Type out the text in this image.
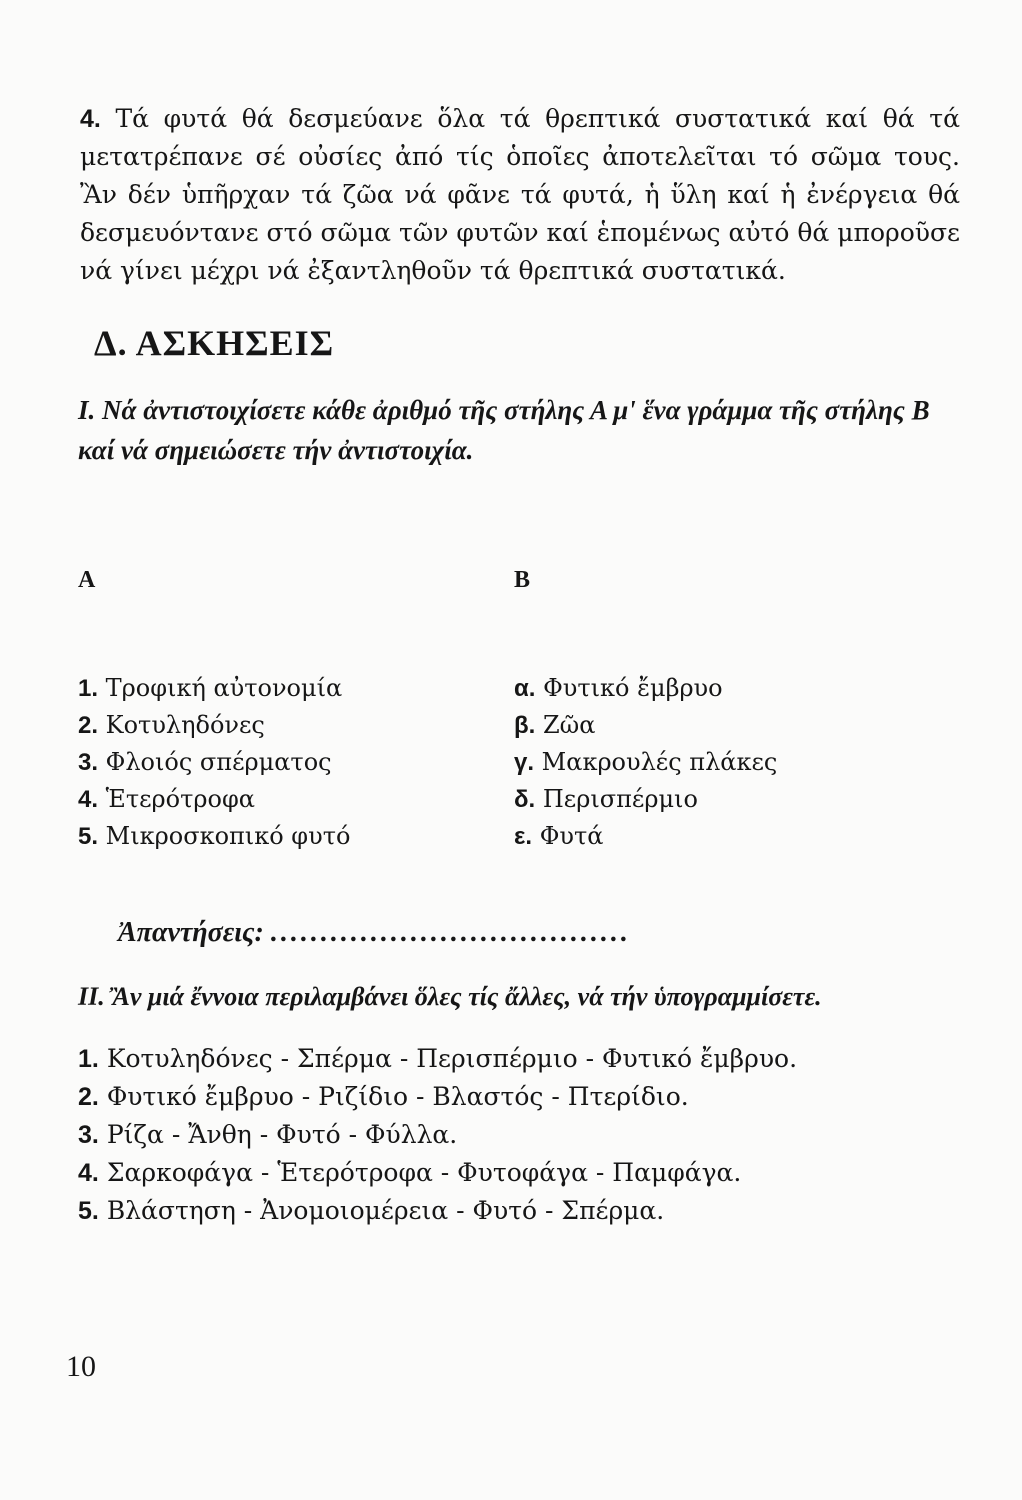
4. Τά φυτά θά δεσμεύανε ὅλα τά θρεπτικά συστατικά καί θά τά μετατρέπανε σέ οὐσίες ἀπό τίς ὁποῖες ἀποτελεῖται τό σῶμα τους. Ἂν δέν ὑπῆρχαν τά ζῶα νά φᾶνε τά φυτά, ἡ ὕλη καί ἡ ἐνέργεια θά δεσμευόντανε στό σῶμα τῶν φυτῶν καί ἑπομένως αὐτό θά μποροῦσε νά γίνει μέχρι νά ἐξαντληθοῦν τά θρεπτικά συστατικά.
Δ. ΑΣΚΗΣΕΙΣ
Ι. Νά ἀντιστοιχίσετε κάθε ἀριθμό τῆς στήλης Α μ' ἕνα γράμμα τῆς στήλης Β καί νά σημειώσετε τήν ἀντιστοιχία.
Α	Β
1. Τροφική αὐτονομία
2. Κοτυληδόνες
3. Φλοιός σπέρματος
4. Ἑτερότροφα
5. Μικροσκοπικό φυτό
α. Φυτικό ἔμβρυο
β. Ζῶα
γ. Μακρουλές πλάκες
δ. Περισπέρμιο
ε. Φυτά
Ἀπαντήσεις: ....................................
ΙΙ. Ἂν μιά ἔννοια περιλαμβάνει ὅλες τίς ἄλλες, νά τήν ὑπογραμμίσετε.
1. Κοτυληδόνες - Σπέρμα - Περισπέρμιο - Φυτικό ἔμβρυο.
2. Φυτικό ἔμβρυο - Ριζίδιο - Βλαστός - Πτερίδιο.
3. Ρίζα - Ἄνθη - Φυτό - Φύλλα.
4. Σαρκοφάγα - Ἑτερότροφα - Φυτοφάγα - Παμφάγα.
5. Βλάστηση - Ἀνομοιομέρεια - Φυτό - Σπέρμα.
10
